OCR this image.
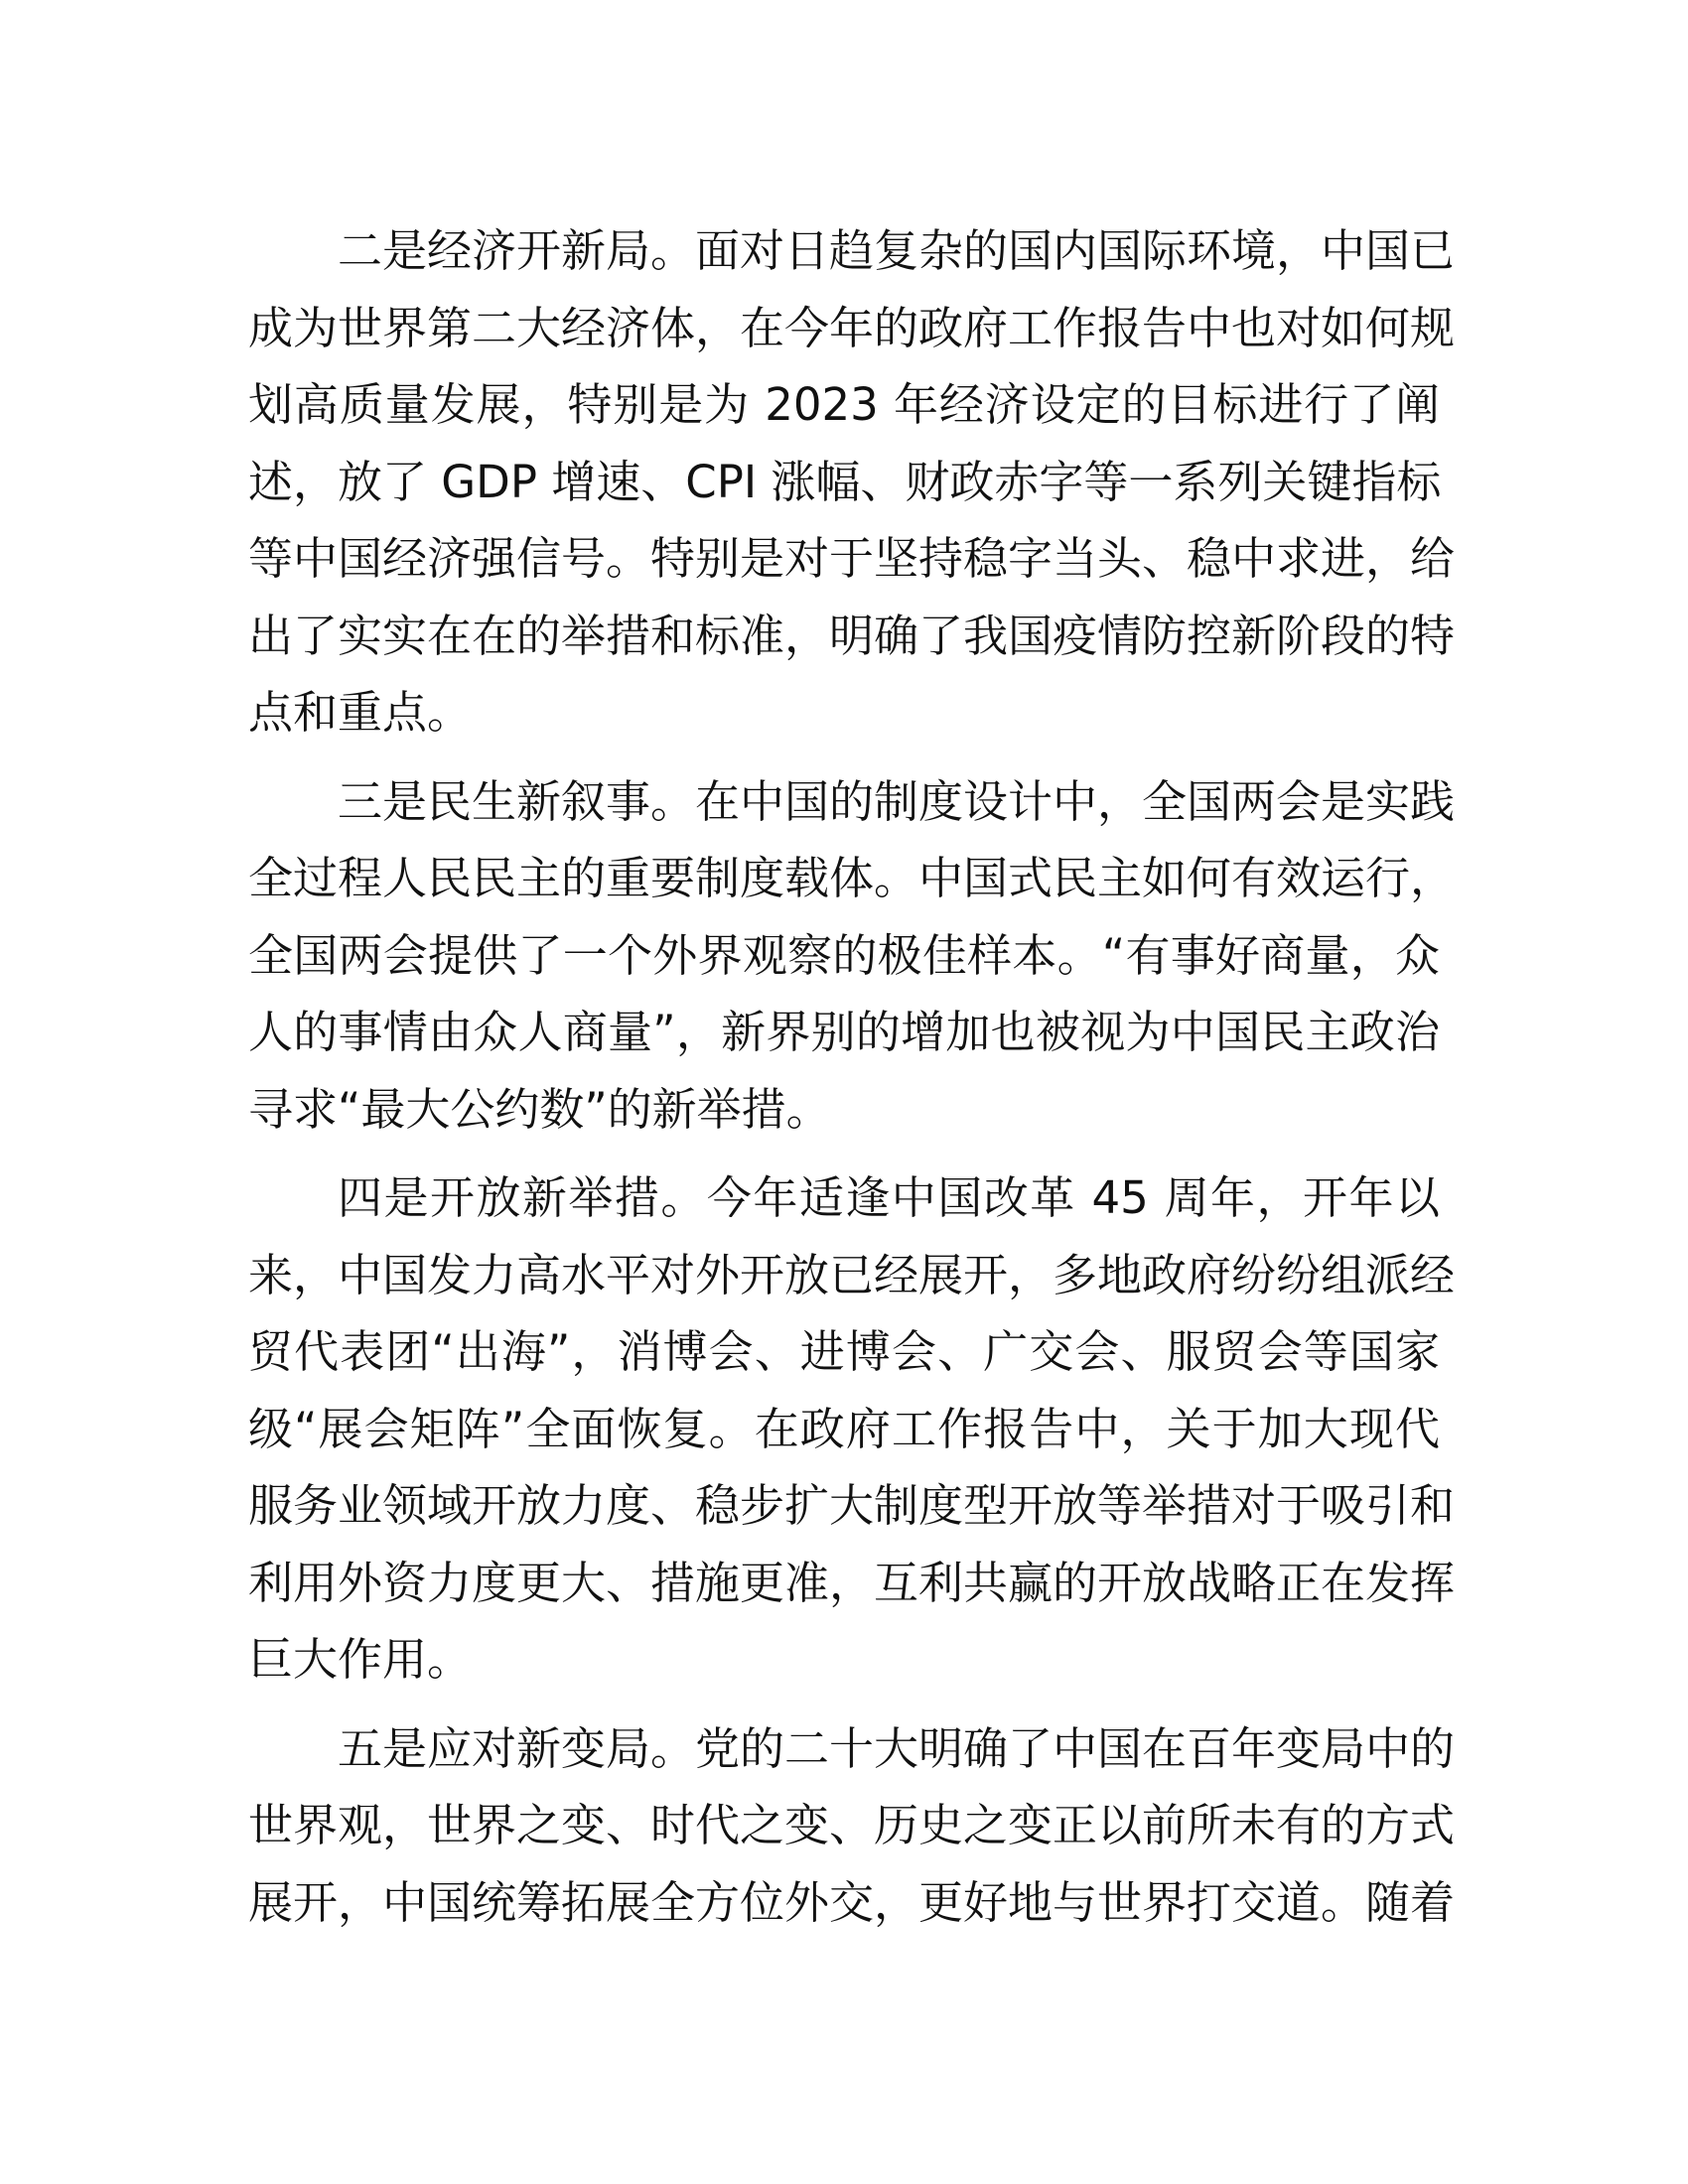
二是经济开新局。面对日趋复杂的国内国际环境，中国已
成为世界第二大经济体，在今年的政府工作报告中也对如何规
划高质量发展，特别是为 2023 年经济设定的目标进行了阐
述，放了 GDP 增速、CPI 涨幅、财政赤字等一系列关键指标
等中国经济强信号。特别是对于坚持稳字当头、稳中求进，给
出了实实在在的举措和标准，明确了我国疫情防控新阶段的特
点和重点。
三是民生新叙事。在中国的制度设计中，全国两会是实践
全过程人民民主的重要制度载体。中国式民主如何有效运行，
全国两会提供了一个外界观察的极佳样本。“有事好商量，众
人的事情由众人商量”，新界别的增加也被视为中国民主政治
寻求“最大公约数”的新举措。
四是开放新举措。今年适逢中国改革 45 周年，开年以
来，中国发力高水平对外开放已经展开，多地政府纷纷组派经
贸代表团“出海”，消博会、进博会、广交会、服贸会等国家
级“展会矩阵”全面恢复。在政府工作报告中，关于加大现代
服务业领域开放力度、稳步扩大制度型开放等举措对于吸引和
利用外资力度更大、措施更准，互利共赢的开放战略正在发挥
巨大作用。
五是应对新变局。党的二十大明确了中国在百年变局中的
世界观，世界之变、时代之变、历史之变正以前所未有的方式
展开，中国统筹拓展全方位外交，更好地与世界打交道。随着
